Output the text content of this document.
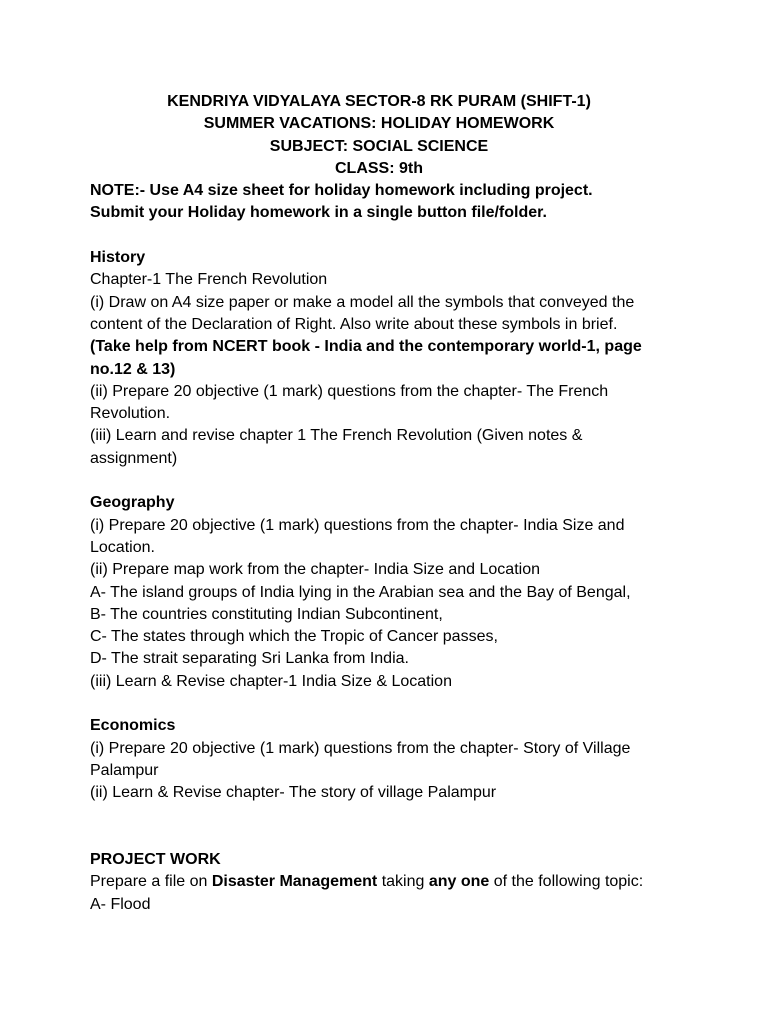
KENDRIYA VIDYALAYA SECTOR-8 RK PURAM (SHIFT-1)
SUMMER VACATIONS: HOLIDAY HOMEWORK
SUBJECT: SOCIAL SCIENCE
CLASS: 9th
NOTE:- Use A4 size sheet for holiday homework including project.
Submit your Holiday homework in a single button file/folder.
History
Chapter-1 The French Revolution
(i) Draw on A4 size paper or make a model all the symbols that conveyed the
content of the Declaration of Right. Also write about these symbols in brief.
(Take help from NCERT book - India and the contemporary world-1, page
no.12 & 13)
(ii) Prepare 20 objective (1 mark) questions from the chapter- The French
Revolution.
(iii) Learn and revise chapter 1 The French Revolution (Given notes &
assignment)
Geography
(i) Prepare 20 objective (1 mark) questions from the chapter- India Size and
Location.
(ii) Prepare map work from the chapter- India Size and Location
A- The island groups of India lying in the Arabian sea and the Bay of Bengal,
B- The countries constituting Indian Subcontinent,
C- The states through which the Tropic of Cancer passes,
D- The strait separating Sri Lanka from India.
(iii) Learn & Revise chapter-1 India Size & Location
Economics
(i) Prepare 20 objective (1 mark) questions from the chapter- Story of Village
Palampur
(ii) Learn & Revise chapter- The story of village Palampur
PROJECT WORK
Prepare a file on Disaster Management taking any one of the following topic:
A- Flood
